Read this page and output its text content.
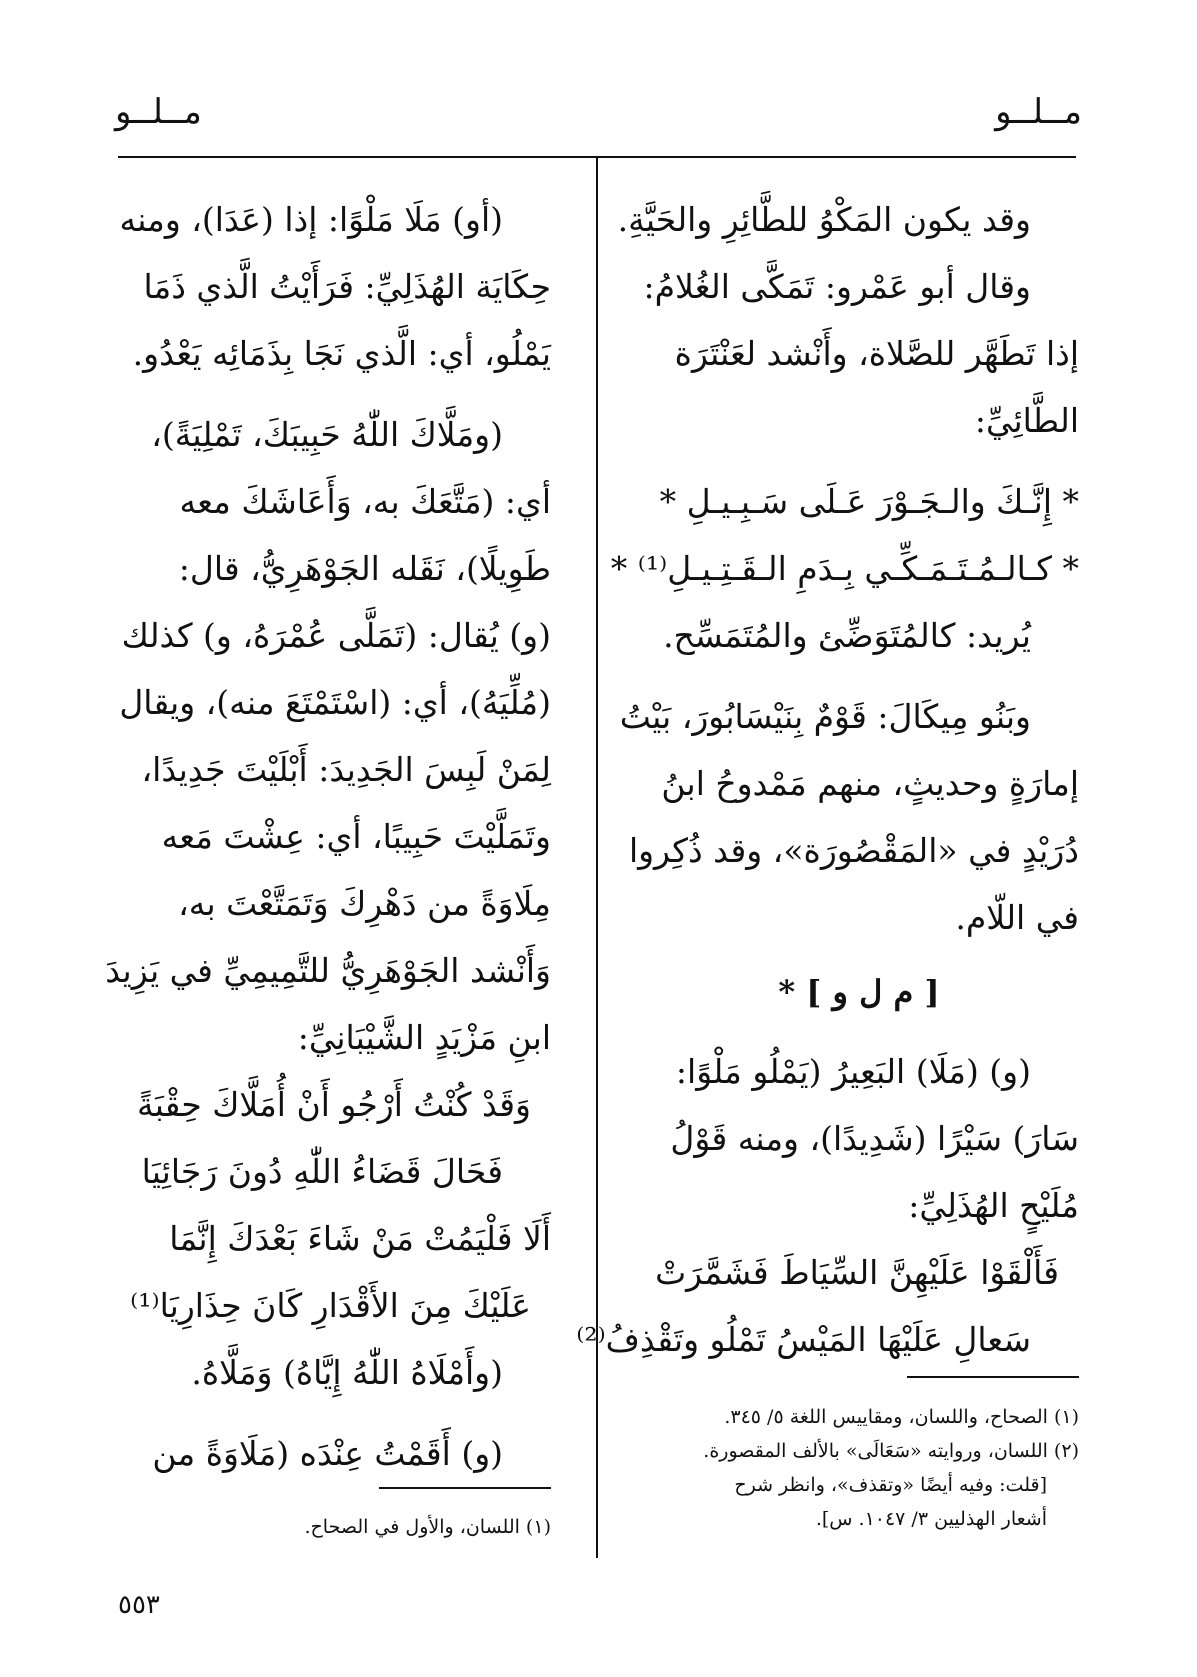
مــلــو
مــلــو
وقد يكون المَكْوُ للطَّائِرِ والحَيَّةِ.
وقال أبو عَمْرو: تَمَكَّى الغُلامُ:
إذا تَطَهَّر للصَّلاة، وأَنْشد لعَنْتَرَة
الطَّائِيِّ:
* إِنَّـكَ والـجَـوْرَ عَـلَى سَـبِـيـلِ *
* كـالـمُـتَـمَـكِّـي بِـدَمِ الـقَـتِـيـلِ⁽¹⁾ *
يُريد: كالمُتَوَضِّئ والمُتَمَسِّح.
وبَنُو مِيكَالَ: قَوْمٌ بِنَيْسَابُورَ، بَيْتُ
إمارَةٍ وحديثٍ، منهم مَمْدوحُ ابنُ
دُرَيْدٍ في «المَقْصُورَة»، وقد ذُكِروا
في اللّام.
[ م ل و ] *
(و) (مَلَا) البَعِيرُ (يَمْلُو مَلْوًا:
سَارَ) سَيْرًا (شَدِيدًا)، ومنه قَوْلُ
مُلَيْحٍ الهُذَلِيِّ:
فَأَلْقَوْا عَلَيْهِنَّ السِّيَاطَ فَشَمَّرَتْ
سَعالِ عَلَيْهَا المَيْسُ تَمْلُو وتَقْذِفُ⁽²⁾
(أو) مَلَا مَلْوًا: إذا (عَدَا)، ومنه
حِكَايَة الهُذَلِيِّ: فَرَأَيْتُ الَّذي ذَمَا
يَمْلُو، أي: الَّذي نَجَا بِذَمَائِه يَعْدُو.
(ومَلَّاكَ اللّٰهُ حَبِيبَكَ، تَمْلِيَةً)،
أي: (مَتَّعَكَ به، وَأَعَاشَكَ معه
طَوِيلًا)، نَقَله الجَوْهَرِيُّ، قال:
(و) يُقال: (تَمَلَّى عُمْرَهُ، و) كذلك
(مُلِّيَهُ)، أي: (اسْتَمْتَعَ منه)، ويقال
لِمَنْ لَبِسَ الجَدِيدَ: أَبْلَيْتَ جَدِيدًا،
وتَمَلَّيْتَ حَبِيبًا، أي: عِشْتَ مَعه
مِلَاوَةً من دَهْرِكَ وَتَمَتَّعْتَ به،
وَأَنْشد الجَوْهَرِيُّ للتَّمِيمِيِّ في يَزِيدَ
ابنِ مَزْيَدٍ الشَّيْبَانِيِّ:
وَقَدْ كُنْتُ أَرْجُو أَنْ أُمَلَّاكَ حِقْبَةً
فَحَالَ قَضَاءُ اللّٰهِ دُونَ رَجَائِيَا
أَلَا فَلْيَمُتْ مَنْ شَاءَ بَعْدَكَ إِنَّمَا
عَلَيْكَ مِنَ الأَقْدَارِ كَانَ حِذَارِيَا⁽¹⁾
(وأَمْلَاهُ اللّٰهُ إِيَّاهُ) وَمَلَّاهُ.
(و) أَقَمْتُ عِنْدَه (مَلَاوَةً من
(١) الصحاح، واللسان، ومقاييس اللغة ٥/ ٣٤٥.
(٢) اللسان، وروايته «سَعَالَى» بالألف المقصورة.
[قلت: وفيه أيضًا «وتقذف»، وانظر شرح
أشعار الهذليين ٣/ ١٠٤٧. س].
(١) اللسان، والأول في الصحاح.
٥٥٣
